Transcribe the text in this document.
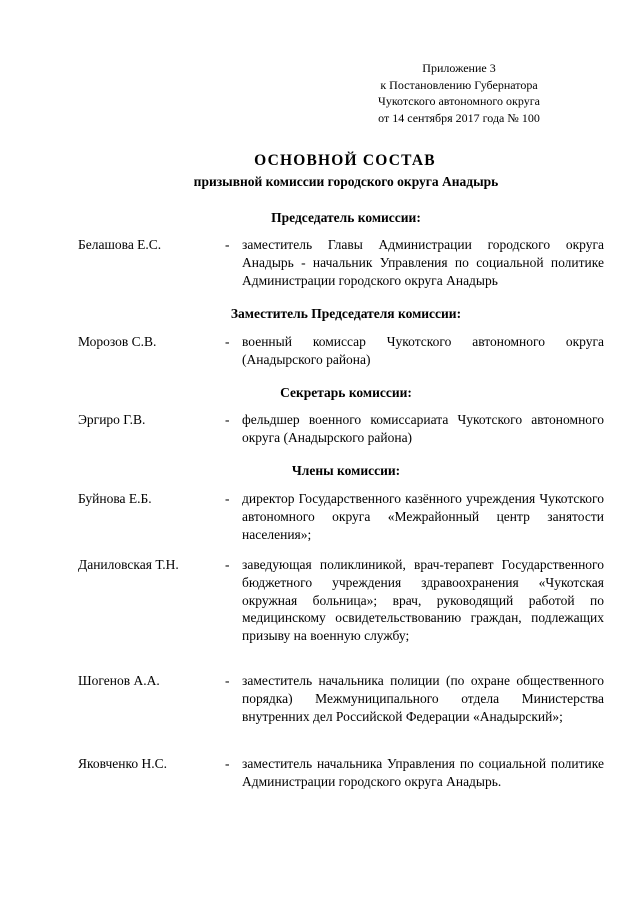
Приложение 3
к Постановлению Губернатора
Чукотского автономного округа
от 14 сентября 2017 года № 100
ОСНОВНОЙ СОСТАВ
призывной комиссии городского округа Анадырь
Председатель комиссии:
Белашова Е.С.	- заместитель Главы Администрации городского округа Анадырь - начальник Управления по социальной политике Администрации городского округа Анадырь
Заместитель Председателя комиссии:
Морозов С.В.	- военный комиссар Чукотского автономного округа (Анадырского района)
Секретарь комиссии:
Эргиро Г.В.	- фельдшер военного комиссариата Чукотского автономного округа (Анадырского района)
Члены комиссии:
Буйнова Е.Б.	- директор Государственного казённого учреждения Чукотского автономного округа «Межрайонный центр занятости населения»;
Даниловская Т.Н.	- заведующая поликлиникой, врач-терапевт Государственного бюджетного учреждения здравоохранения «Чукотская окружная больница»; врач, руководящий работой по медицинскому освидетельствованию граждан, подлежащих призыву на военную службу;
Шогенов А.А.	- заместитель начальника полиции (по охране общественного порядка) Межмуниципального отдела Министерства внутренних дел Российской Федерации «Анадырский»;
Яковченко Н.С.	- заместитель начальника Управления по социальной политике Администрации городского округа Анадырь.
